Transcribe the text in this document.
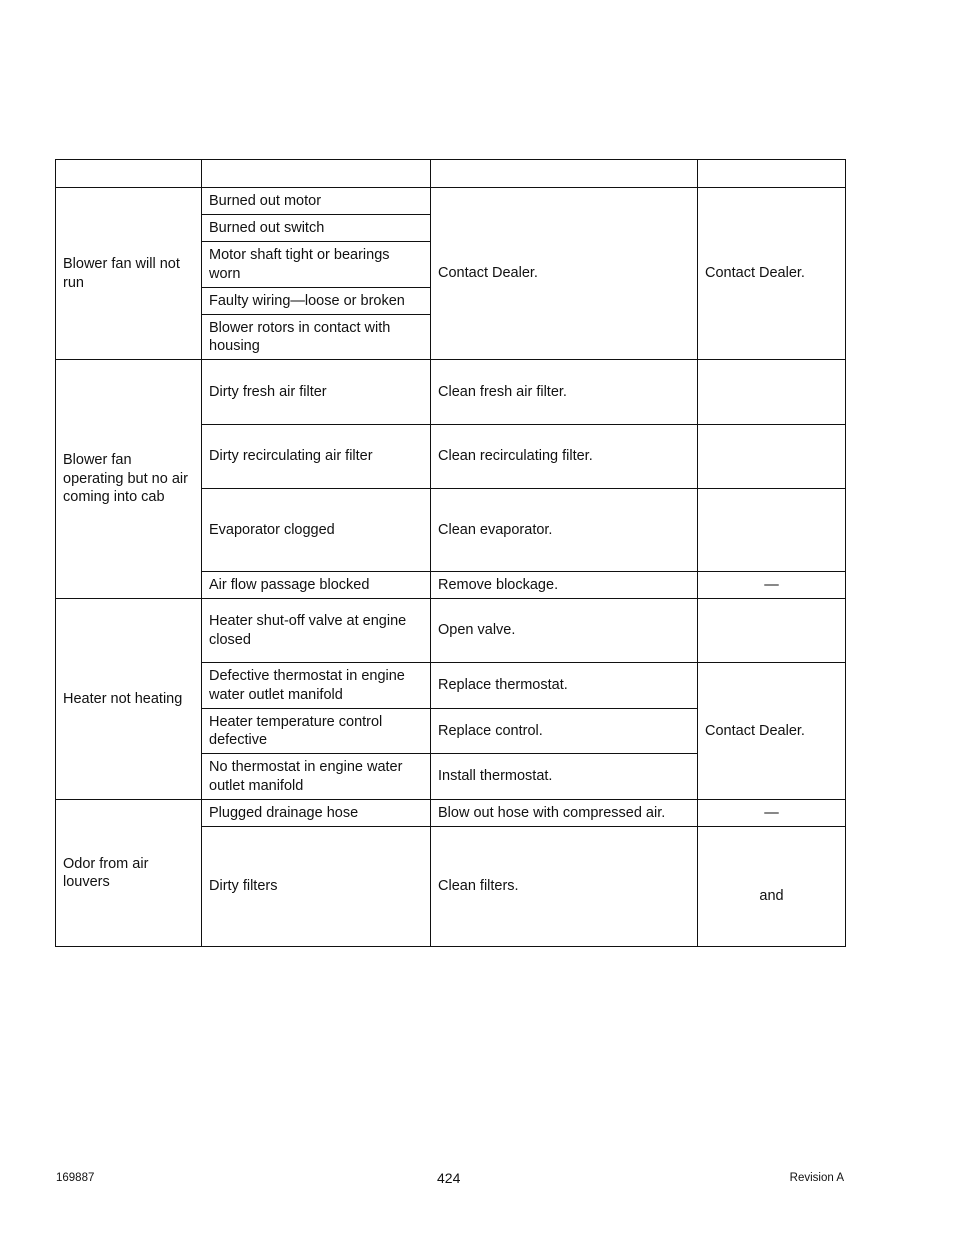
Blower fan will not run	Burned out motor	Contact Dealer.	Contact Dealer.
	Burned out switch		
	Motor shaft tight or bearings worn		
	Faulty wiring—loose or broken		
	Blower rotors in contact with housing		
Blower fan operating but no air coming into cab	Dirty fresh air filter	Clean fresh air filter.	
	Dirty recirculating air filter	Clean recirculating filter.	
	Evaporator clogged	Clean evaporator.	
	Air flow passage blocked	Remove blockage.	—
Heater not heating	Heater shut-off valve at engine closed	Open valve.	
	Defective thermostat in engine water outlet manifold	Replace thermostat.	Contact Dealer.
	Heater temperature control defective	Replace control.	
	No thermostat in engine water outlet manifold	Install thermostat.	
Odor from air louvers	Plugged drainage hose	Blow out hose with compressed air.	—
	Dirty filters	Clean filters.	and
169887	424	Revision A
